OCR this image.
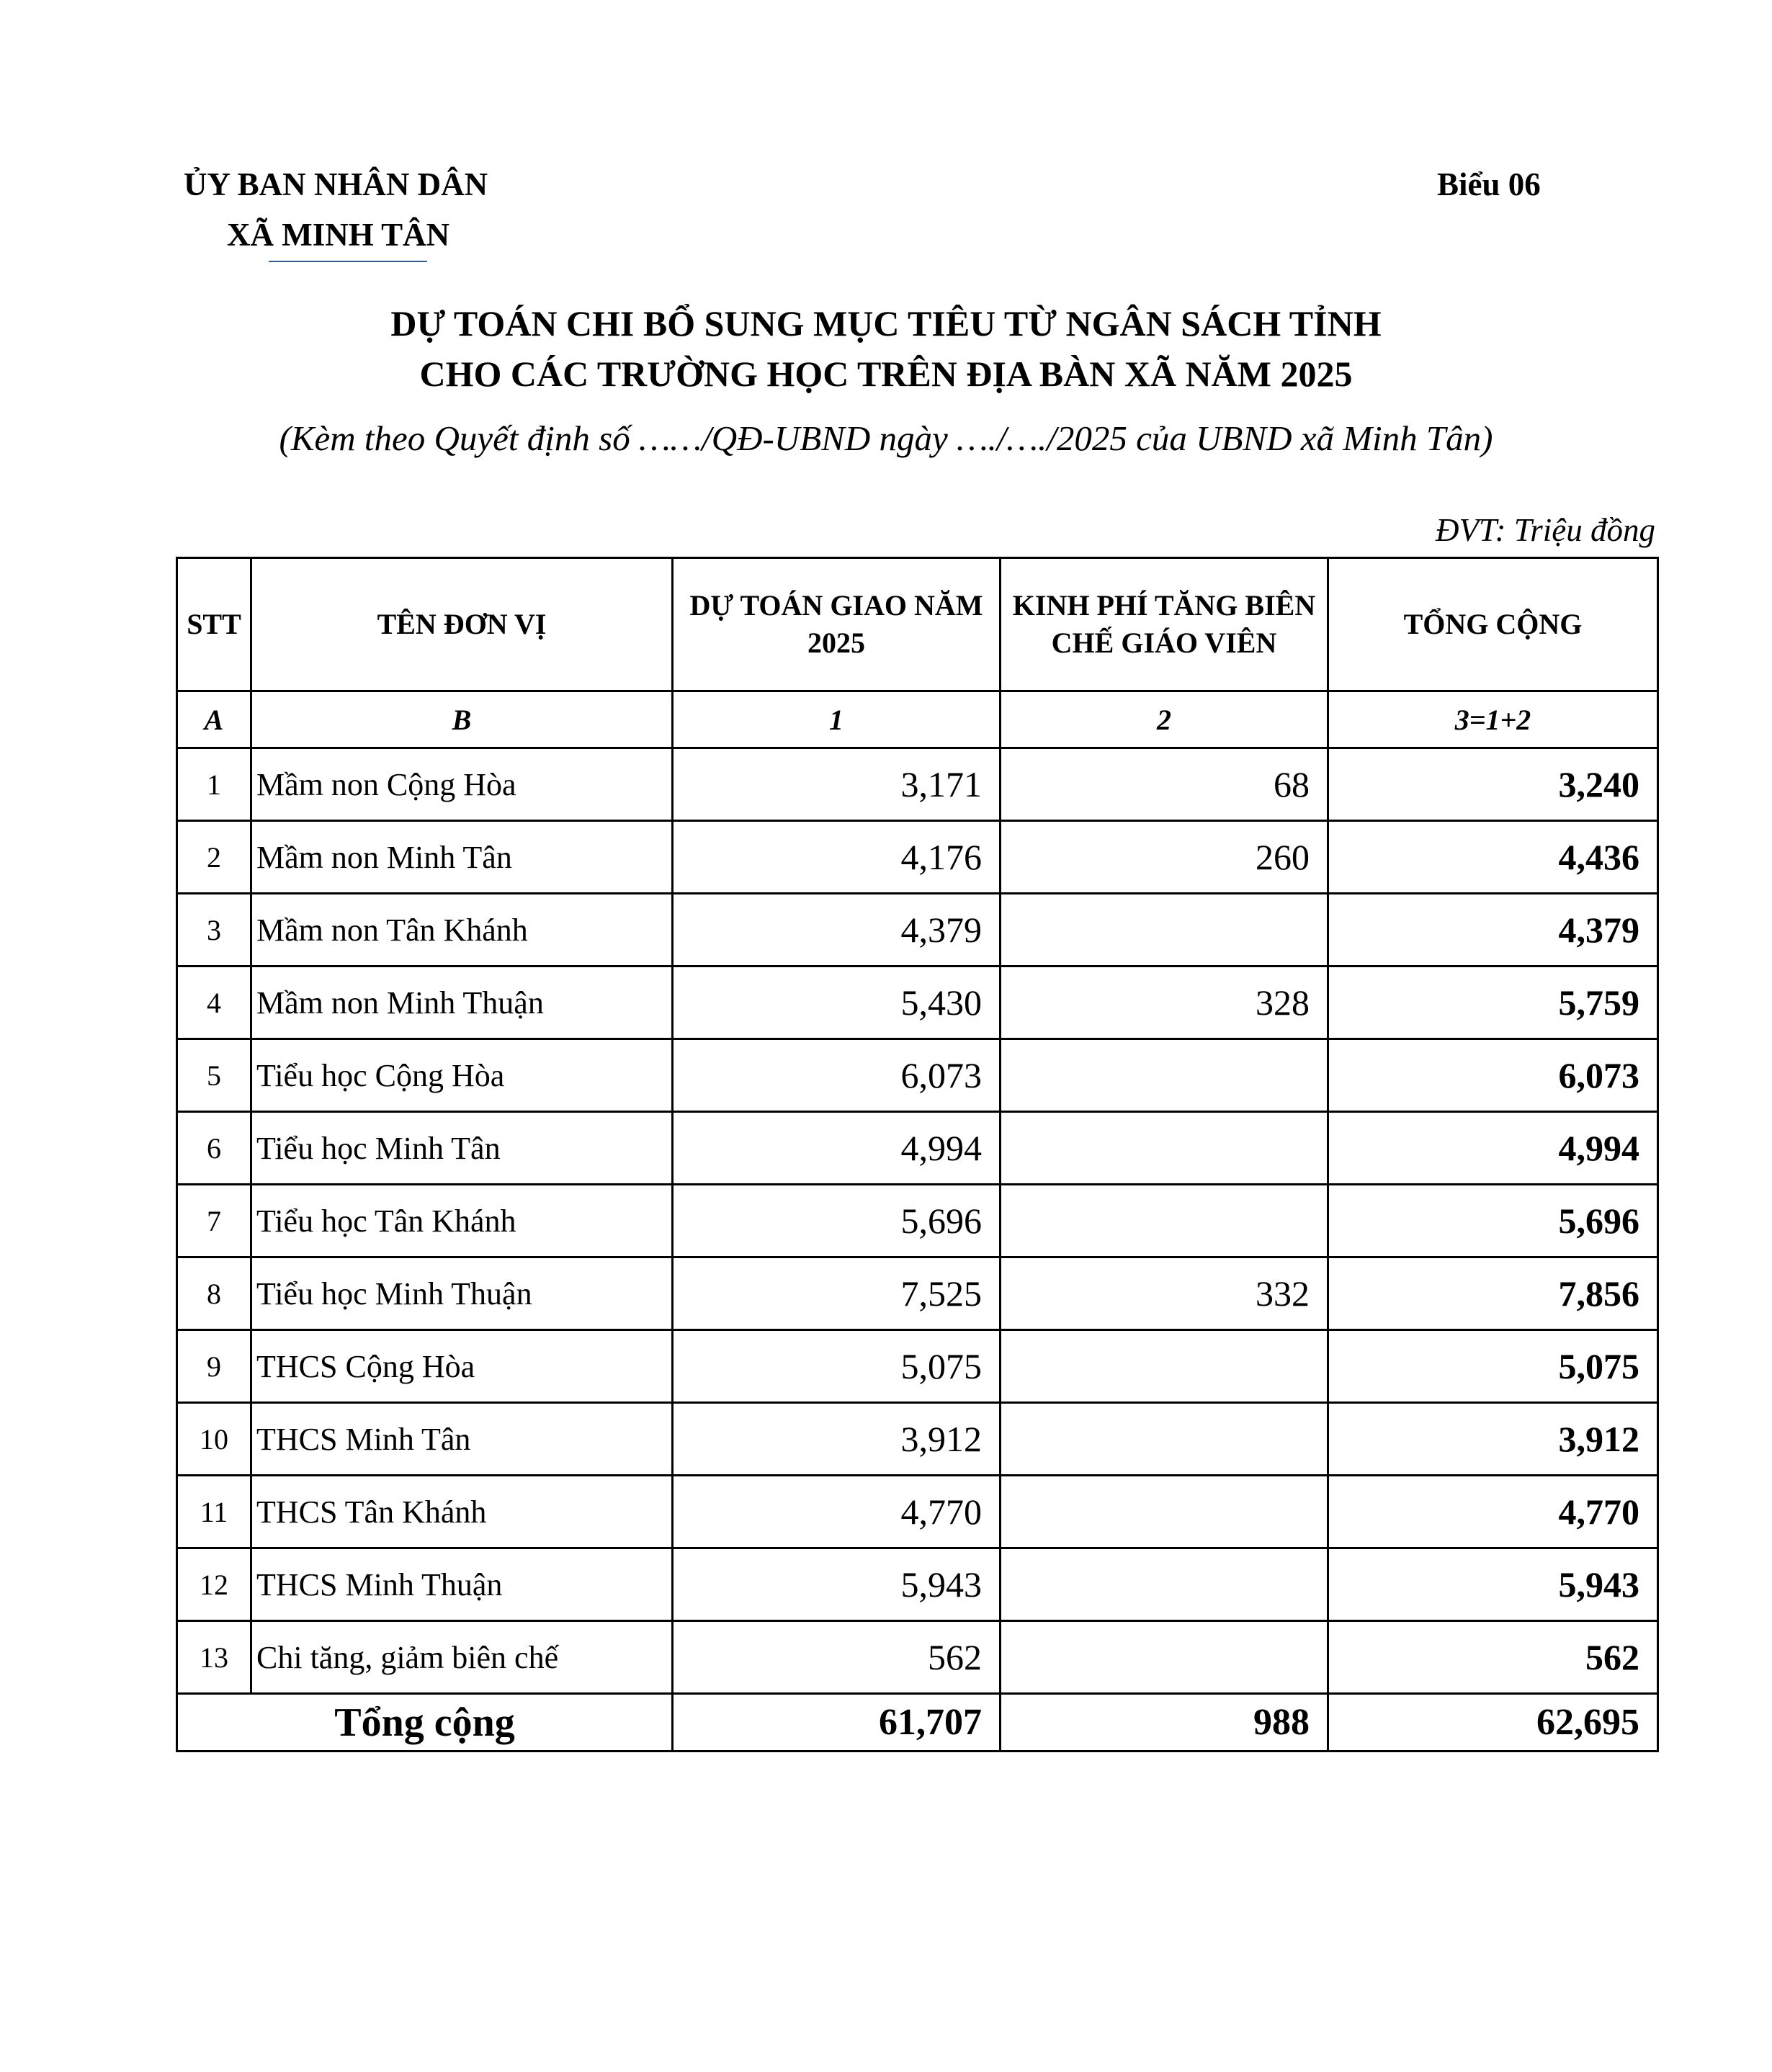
ỦY BAN NHÂN DÂN
XÃ MINH TÂN
Biểu 06
DỰ TOÁN CHI BỔ SUNG MỤC TIÊU TỪ NGÂN SÁCH TỈNH
CHO CÁC TRƯỜNG HỌC TRÊN ĐỊA BÀN XÃ NĂM 2025
(Kèm theo Quyết định số ……/QĐ-UBND ngày …./…./2025 của UBND xã Minh Tân)
ĐVT: Triệu đồng
STT	TÊN ĐƠN VỊ	DỰ TOÁN GIAO NĂM 2025	KINH PHÍ TĂNG BIÊN CHẾ GIÁO VIÊN	TỔNG CỘNG
A	B	1	2	3=1+2
1	Mầm non Cộng Hòa	3,171	68	3,240
2	Mầm non Minh Tân	4,176	260	4,436
3	Mầm non Tân Khánh	4,379		4,379
4	Mầm non Minh Thuận	5,430	328	5,759
5	Tiểu học Cộng Hòa	6,073		6,073
6	Tiểu học Minh Tân	4,994		4,994
7	Tiểu học Tân Khánh	5,696		5,696
8	Tiểu học Minh Thuận	7,525	332	7,856
9	THCS Cộng Hòa	5,075		5,075
10	THCS Minh Tân	3,912		3,912
11	THCS Tân Khánh	4,770		4,770
12	THCS Minh Thuận	5,943		5,943
13	Chi tăng, giảm biên chế	562		562
Tổng cộng		61,707	988	62,695
